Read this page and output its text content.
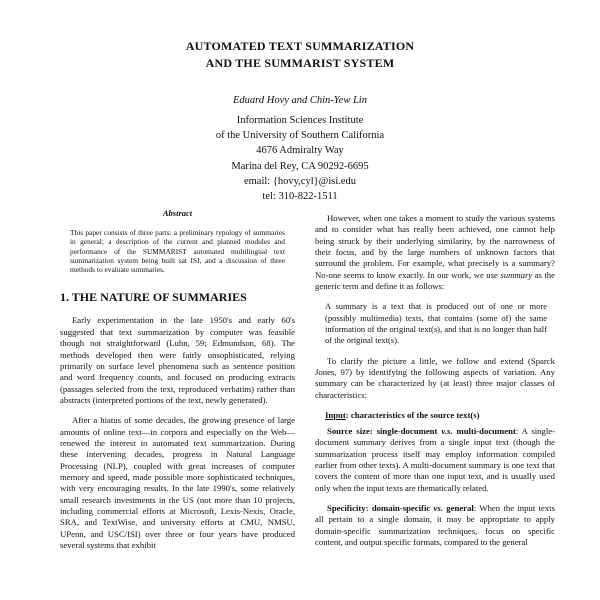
AUTOMATED TEXT SUMMARIZATION
AND THE SUMMARIST SYSTEM
Eduard Hovy and Chin-Yew Lin
Information Sciences Institute
of the University of Southern California
4676 Admiralty Way
Marina del Rey, CA 90292-6695
email: {hovy,cyl}@isi.edu
tel: 310-822-1511
Abstract
This paper consists of three parts: a preliminary typology of summaries in general; a description of the current and planned modules and performance of the SUMMARIST automated multilingual text summarization system being built sat ISI, and a discussion of three methods to evaluate summaries.
1. THE NATURE OF SUMMARIES

Early experimentation in the late 1950's and early 60's suggested that text summarization by computer was feasible though not straightforward (Luhn, 59; Edmundson, 68). The methods developed then were fairly unsophisticated, relying primarily on surface level phenomena such as sentence position and word frequency counts, and focused on producing extracts (passages selected from the text, reproduced verbatim) rather than abstracts (interpreted portions of the text, newly generated).

After a hiatus of some decades, the growing presence of large amounts of online text—in corpora and especially on the Web—renewed the interest in automated text summarization. During these intervening decades, progress in Natural Language Processing (NLP), coupled with great increases of computer memory and speed, made possible more sophisticated techniques, with very encouraging results. In the late 1990's, some relatively small research investments in the US (not more than 10 projects, including commercial efforts at Microsoft, Lexis-Nexis, Oracle, SRA, and TextWise, and university efforts at CMU, NMSU, UPenn, and USC/ISI) over three or four years have produced several systems that exhibit

However, when one takes a moment to study the various systems and to consider what has really been achieved, one cannot help being struck by their underlying similarity, by the narrowness of their focus, and by the large numbers of unknown factors that surround the problem. For example, what precisely is a summary? No-one seems to know exactly. In our work, we use summary as the generic term and define it as follows:

A summary is a text that is produced out of one or more (possibly multimedia) texts, that contains (some of) the same information of the original text(s), and that is no longer than half of the original text(s).

To clarify the picture a little, we follow and extend (Sparck Jones, 97) by identifying the following aspects of variation. Any summary can be characterized by (at least) three major classes of characteristics:

Input: characteristics of the source text(s)

Source size: single-document v.s. multi-document: A single-document summary derives from a single input text (though the summarization process itself may employ information compiled earlier from other texts). A multi-document summary is one text that covers the content of more than one input text, and is usually used only when the input texts are thematically related.

Specificity: domain-specific vs. general: When the input texts all pertain to a single domain, it may be appropriate to apply domain-specific summarization techniques, focus on specific content, and output specific formats, compared to the general
